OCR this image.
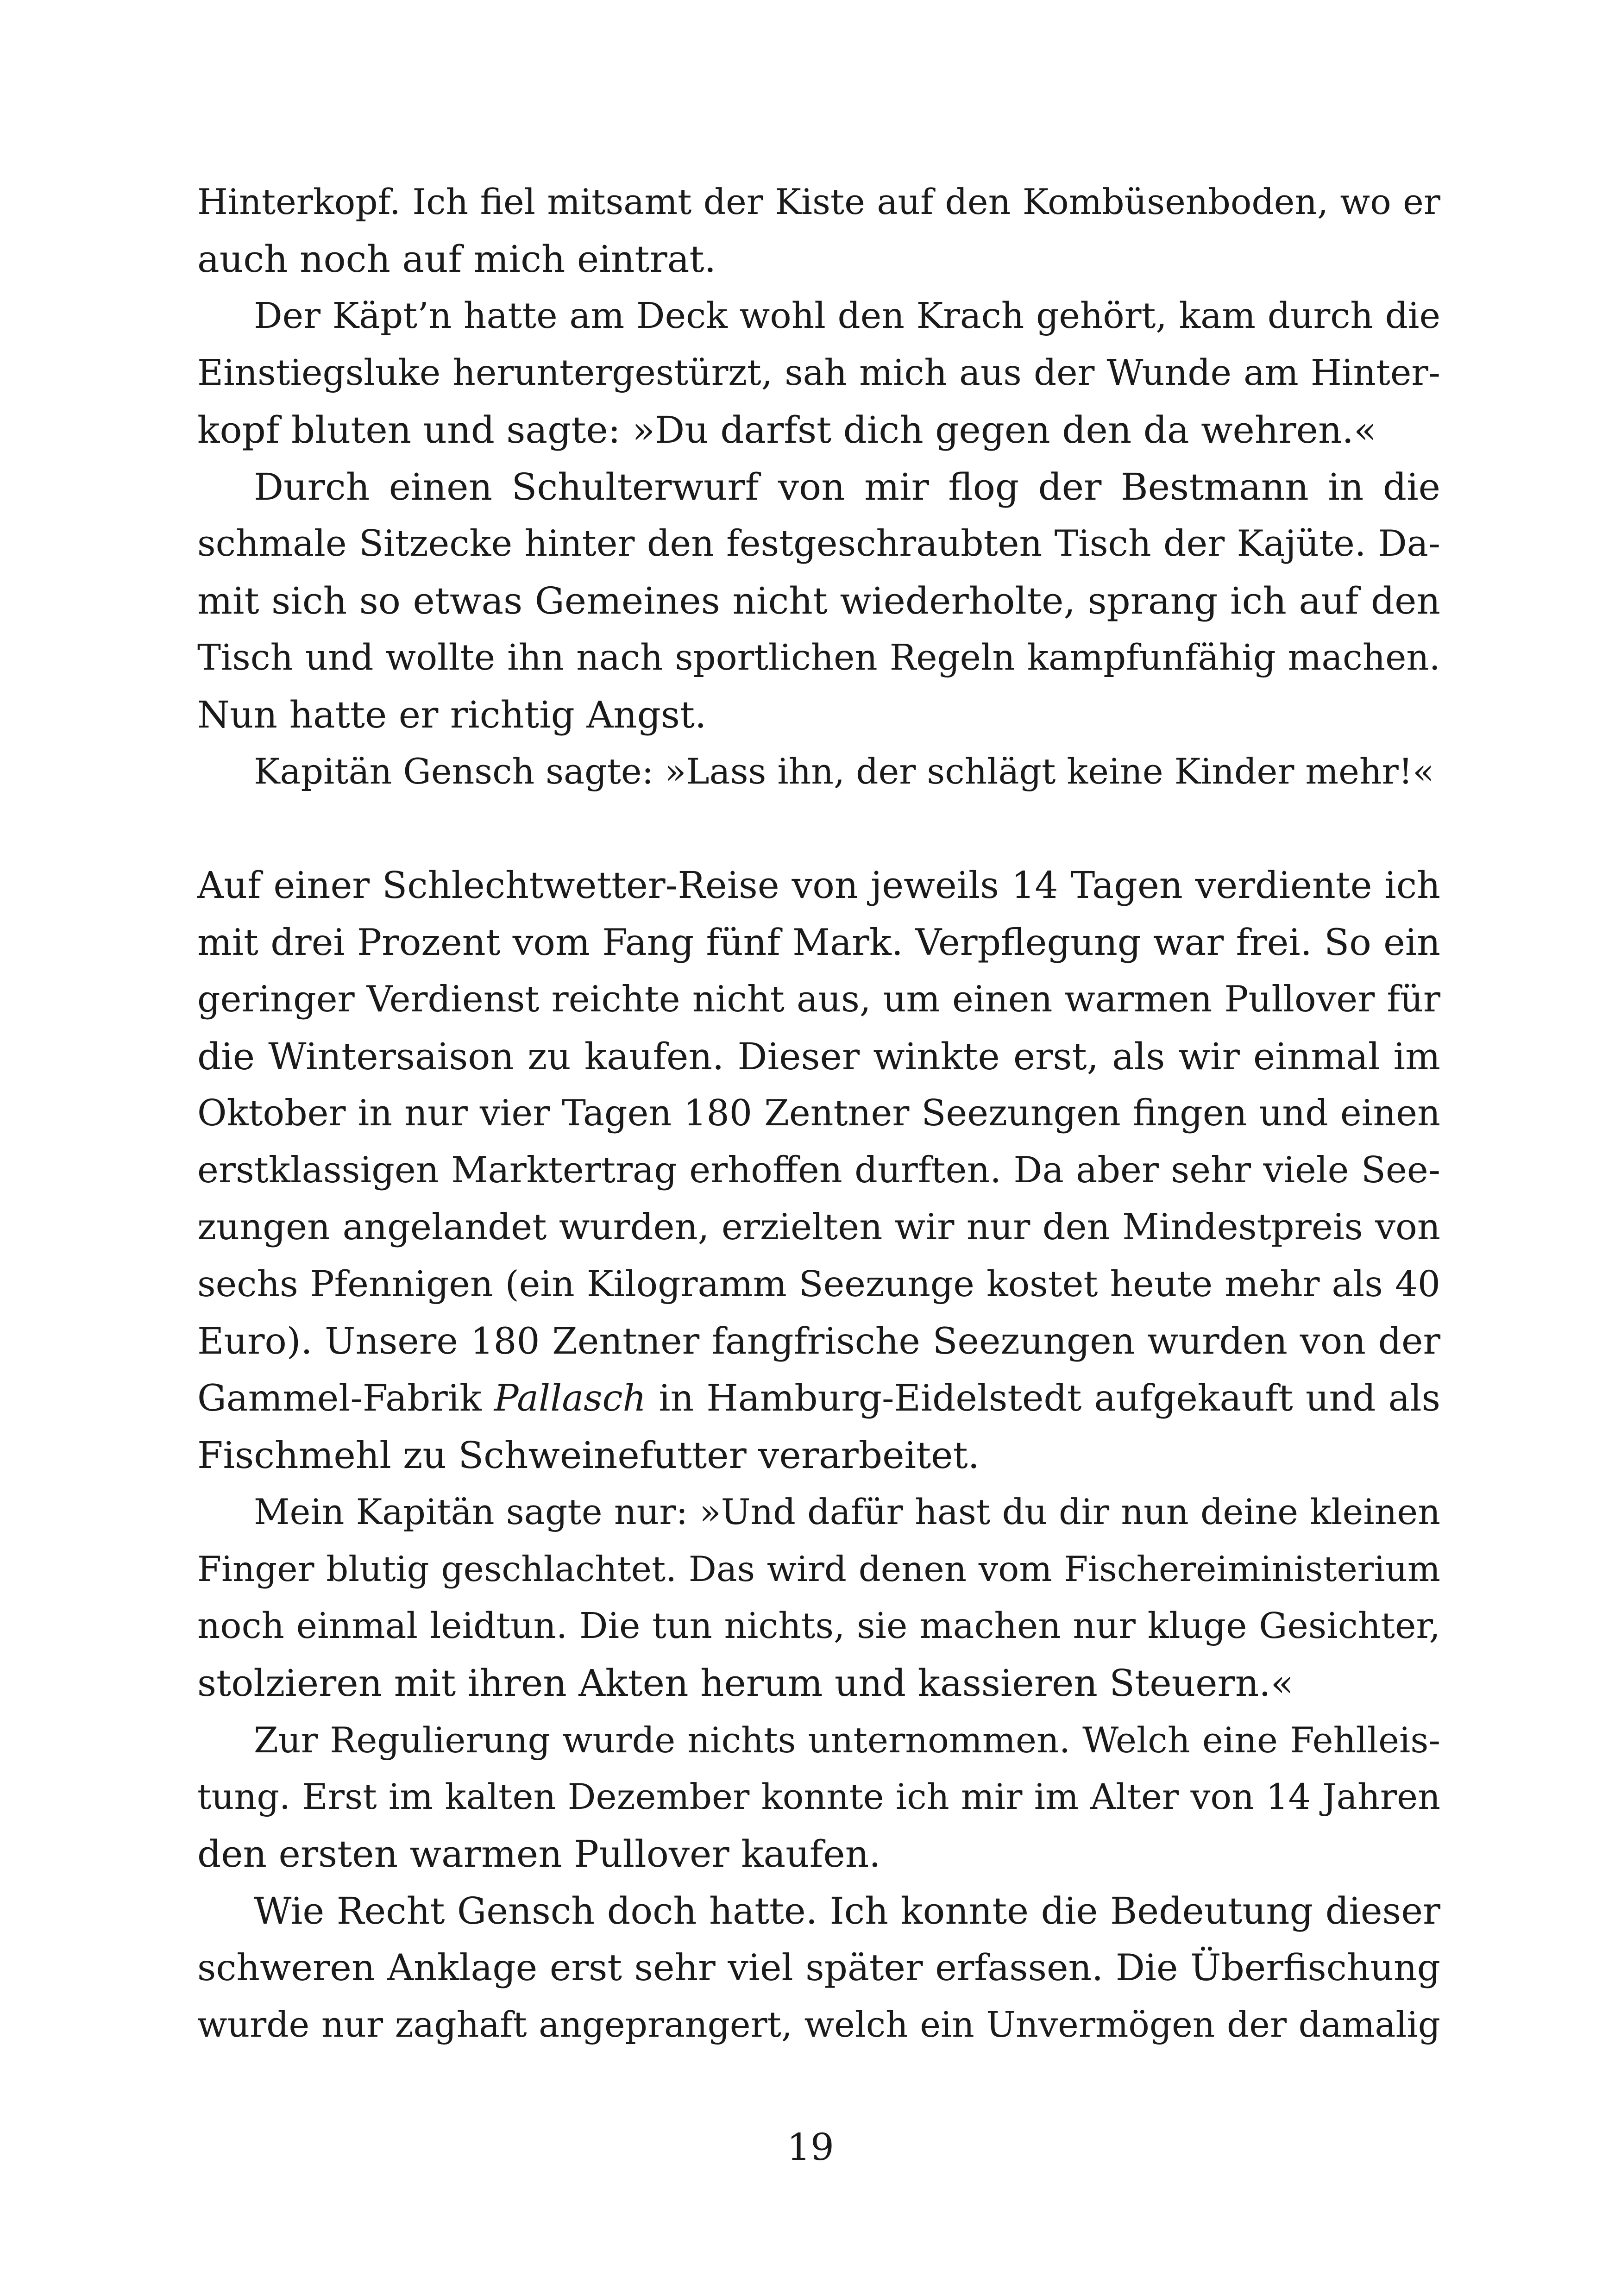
Hinterkopf. Ich fiel mitsamt der Kiste auf den Kombüsenboden, wo er
auch noch auf mich eintrat.
Der Käpt’n hatte am Deck wohl den Krach gehört, kam durch die
Einstiegsluke heruntergestürzt, sah mich aus der Wunde am Hinter-
kopf bluten und sagte: »Du darfst dich gegen den da wehren.«
Durch einen Schulterwurf von mir flog der Bestmann in die
schmale Sitzecke hinter den festgeschraubten Tisch der Kajüte. Da-
mit sich so etwas Gemeines nicht wiederholte, sprang ich auf den
Tisch und wollte ihn nach sportlichen Regeln kampfunfähig machen.
Nun hatte er richtig Angst.
Kapitän Gensch sagte: »Lass ihn, der schlägt keine Kinder mehr!«
Auf einer Schlechtwetter-Reise von jeweils 14 Tagen verdiente ich
mit drei Prozent vom Fang fünf Mark. Verpflegung war frei. So ein
geringer Verdienst reichte nicht aus, um einen warmen Pullover für
die Wintersaison zu kaufen. Dieser winkte erst, als wir einmal im
Oktober in nur vier Tagen 180 Zentner Seezungen fingen und einen
erstklassigen Marktertrag erhoffen durften. Da aber sehr viele See-
zungen angelandet wurden, erzielten wir nur den Mindestpreis von
sechs Pfennigen (ein Kilogramm Seezunge kostet heute mehr als 40
Euro). Unsere 180 Zentner fangfrische Seezungen wurden von der
Gammel-Fabrik Pallasch in Hamburg-Eidelstedt aufgekauft und als
Fischmehl zu Schweinefutter verarbeitet.
Mein Kapitän sagte nur: »Und dafür hast du dir nun deine kleinen
Finger blutig geschlachtet. Das wird denen vom Fischereiministerium
noch einmal leidtun. Die tun nichts, sie machen nur kluge Gesichter,
stolzieren mit ihren Akten herum und kassieren Steuern.«
Zur Regulierung wurde nichts unternommen. Welch eine Fehlleis-
tung. Erst im kalten Dezember konnte ich mir im Alter von 14 Jahren
den ersten warmen Pullover kaufen.
Wie Recht Gensch doch hatte. Ich konnte die Bedeutung dieser
schweren Anklage erst sehr viel später erfassen. Die Überfischung
wurde nur zaghaft angeprangert, welch ein Unvermögen der damalig
19
